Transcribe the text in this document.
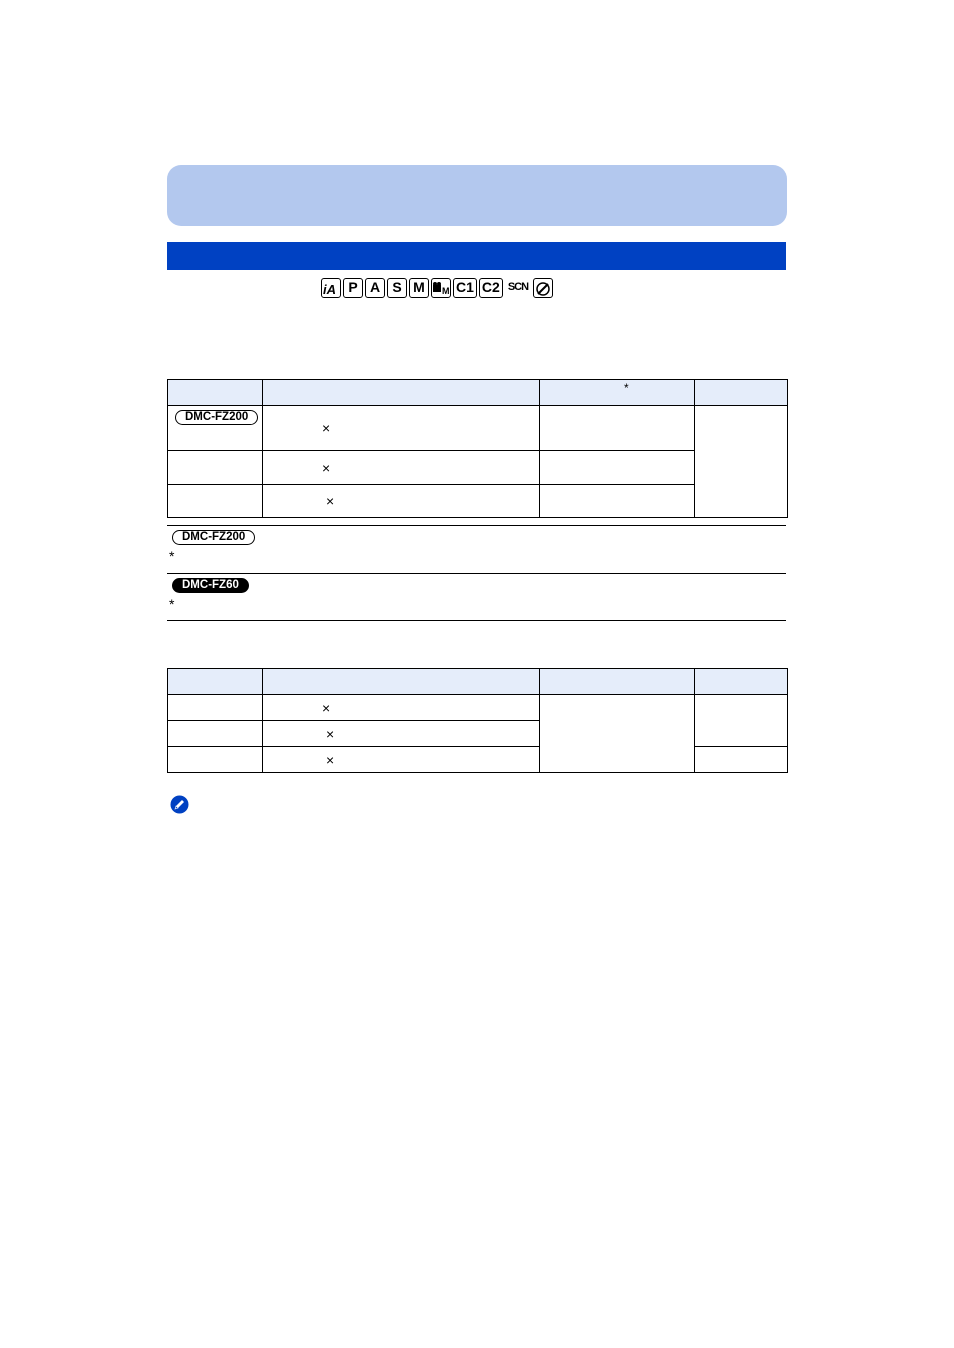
iA P A S M	M C1 C2 SCN

		*	

DMC-FZ200	×		

	×		

	×		

DMC-FZ200
*
DMC-FZ60
*

	×		

	×		

	×		
